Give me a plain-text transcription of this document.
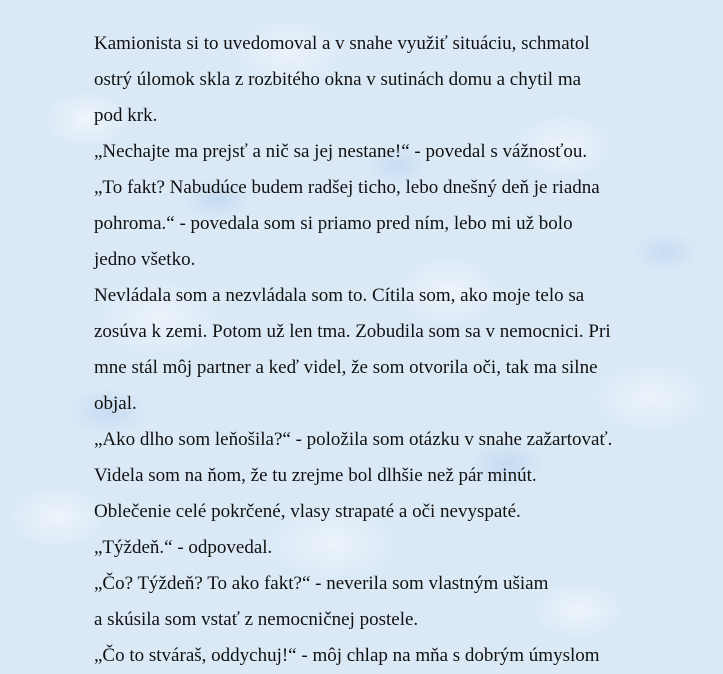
Kamionista si to uvedomoval a v snahe využiť situáciu, schmatol
ostrý úlomok skla z rozbitého okna v sutinách domu a chytil ma
pod krk.
„Nechajte ma prejsť a nič sa jej nestane!“ - povedal s vážnosťou.
„To fakt? Nabudúce budem radšej ticho, lebo dnešný deň je riadna
pohroma.“ - povedala som si priamo pred ním, lebo mi už bolo
jedno všetko.
Nevládala som a nezvládala som to. Cítila som, ako moje telo sa
zosúva k zemi. Potom už len tma. Zobudila som sa v nemocnici. Pri
mne stál môj partner a keď videl, že som otvorila oči, tak ma silne
objal.
„Ako dlho som leňošila?“ - položila som otázku v snahe zažartovať.
Videla som na ňom, že tu zrejme bol dlhšie než pár minút.
Oblečenie celé pokrčené, vlasy strapaté a oči nevyspaté.
„Týždeň.“ - odpovedal.
„Čo? Týždeň? To ako fakt?“ - neverila som vlastným ušiam
a skúsila som vstať z nemocničnej postele.
„Čo to stváraš, oddychuj!“ - môj chlap na mňa s dobrým úmyslom
